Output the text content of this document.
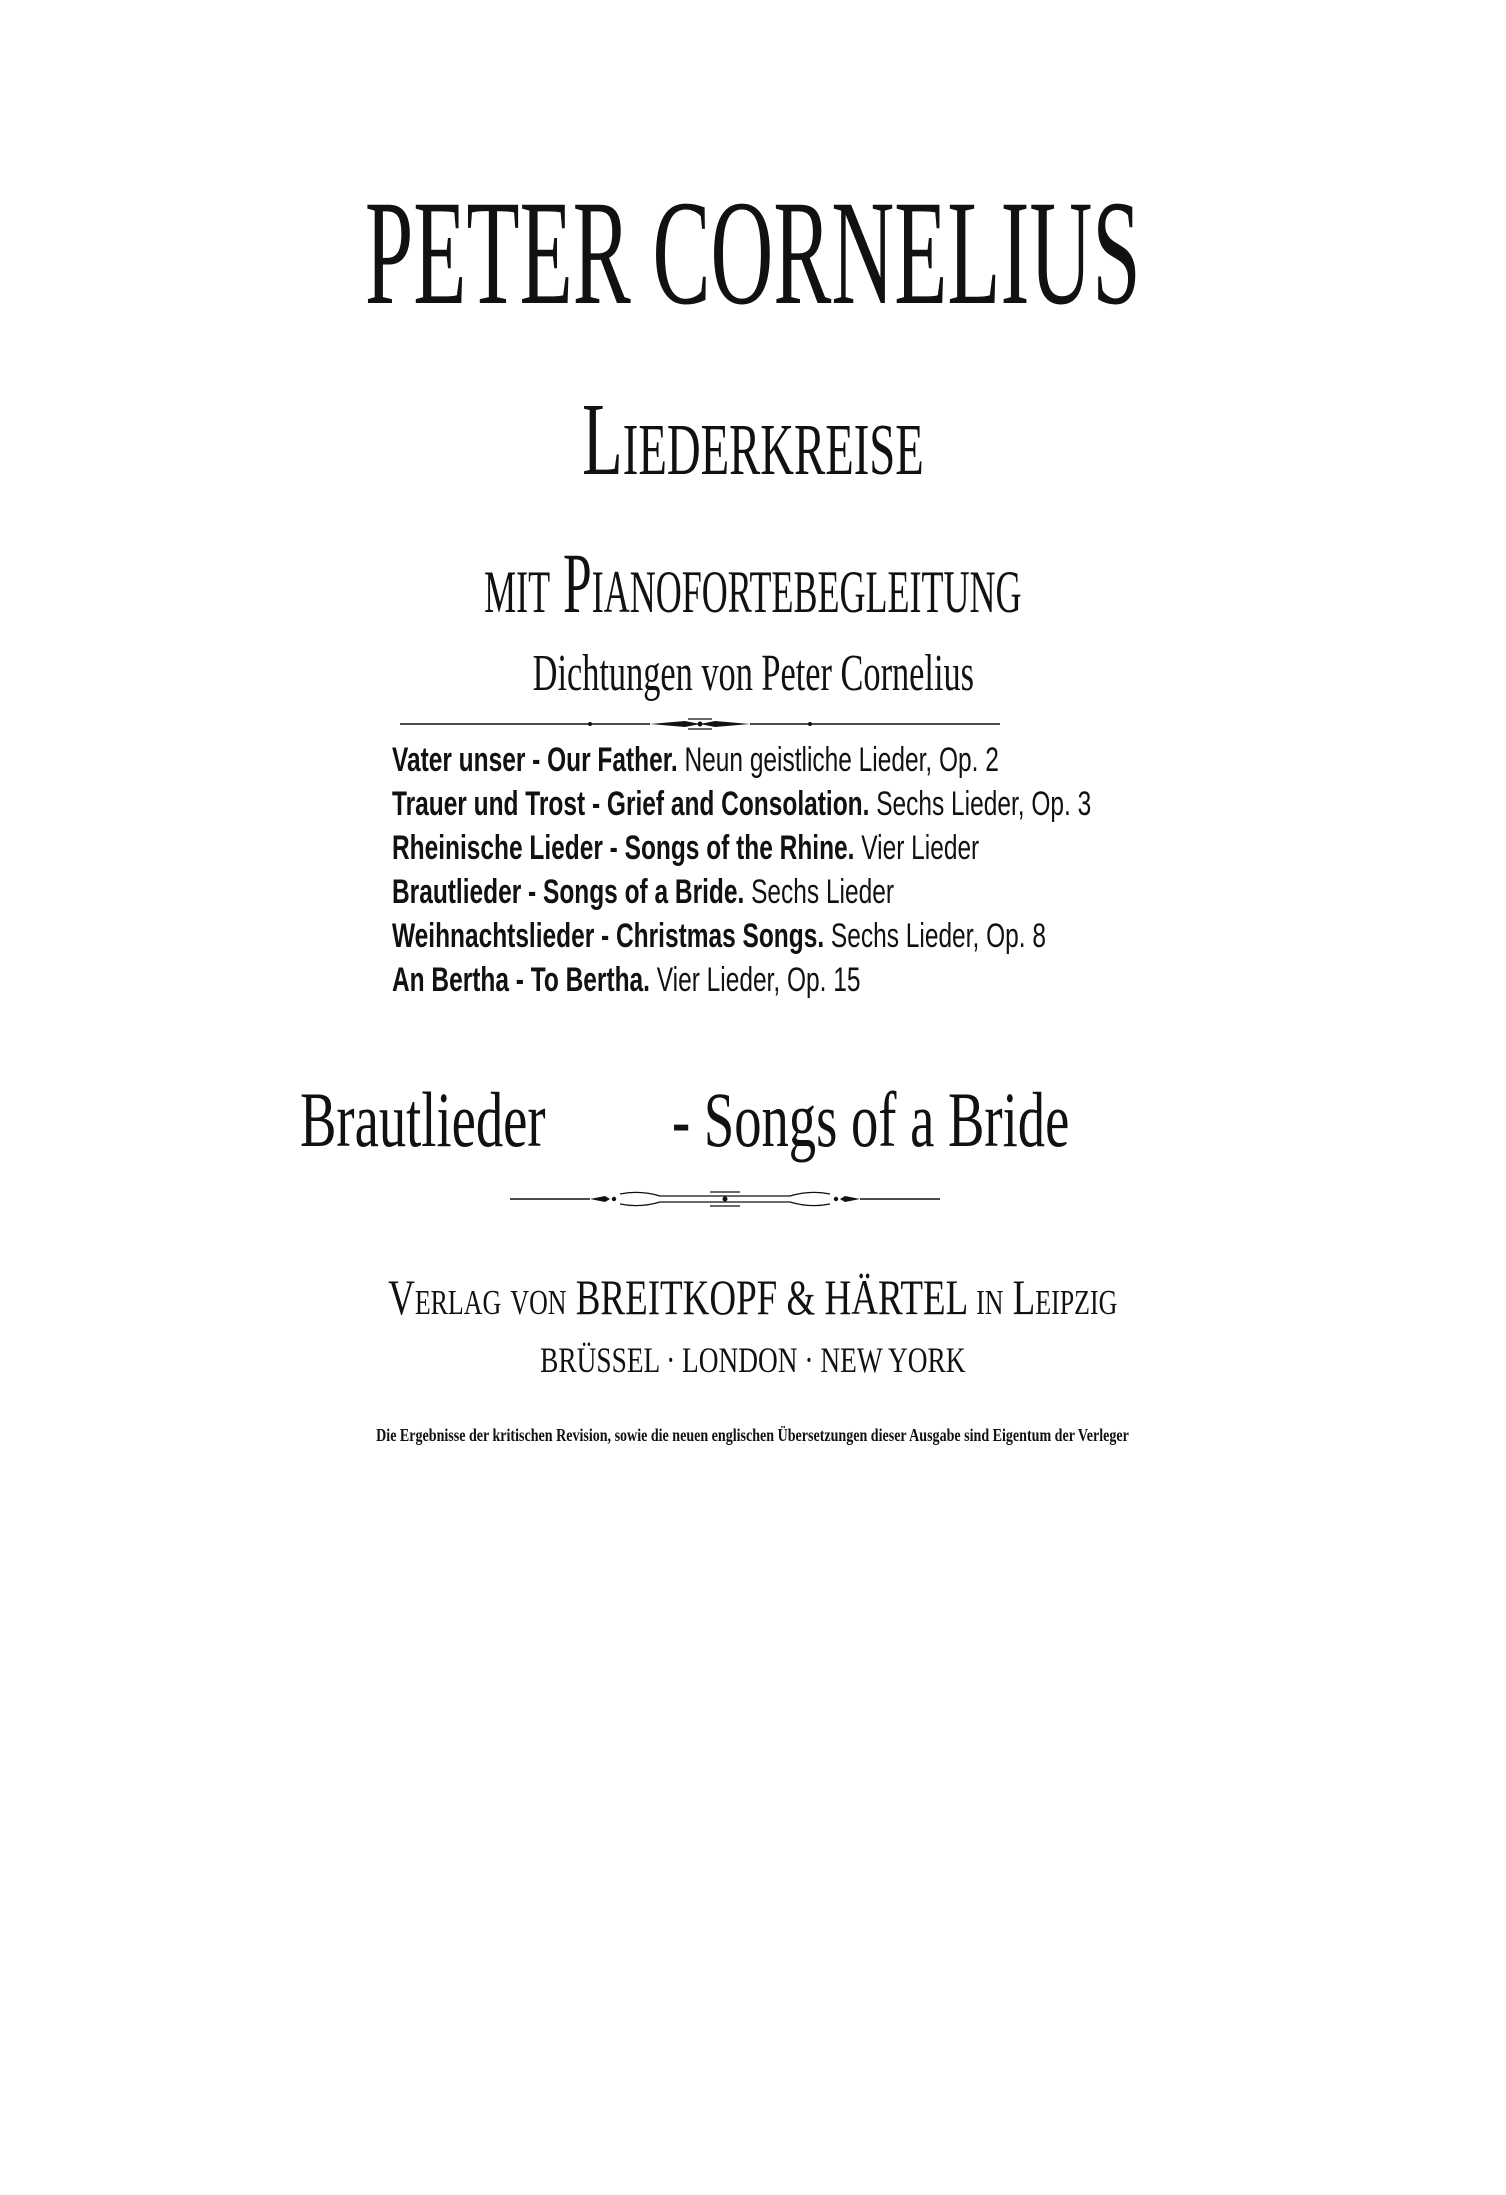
PETER CORNELIUS
Liederkreise
mit Pianofortebegleitung
Dichtungen von Peter Cornelius
Vater unser - Our Father. Neun geistliche Lieder, Op. 2
Trauer und Trost - Grief and Consolation. Sechs Lieder, Op. 3
Rheinische Lieder - Songs of the Rhine. Vier Lieder
Brautlieder - Songs of a Bride. Sechs Lieder
Weihnachtslieder - Christmas Songs. Sechs Lieder, Op. 8
An Bertha - To Bertha. Vier Lieder, Op. 15
Brautlieder	- Songs of a Bride
Verlag von BREITKOPF & HÄRTEL in Leipzig
BRÜSSEL · LONDON · NEW YORK
Die Ergebnisse der kritischen Revision, sowie die neuen englischen Übersetzungen dieser Ausgabe sind Eigentum der Verleger
